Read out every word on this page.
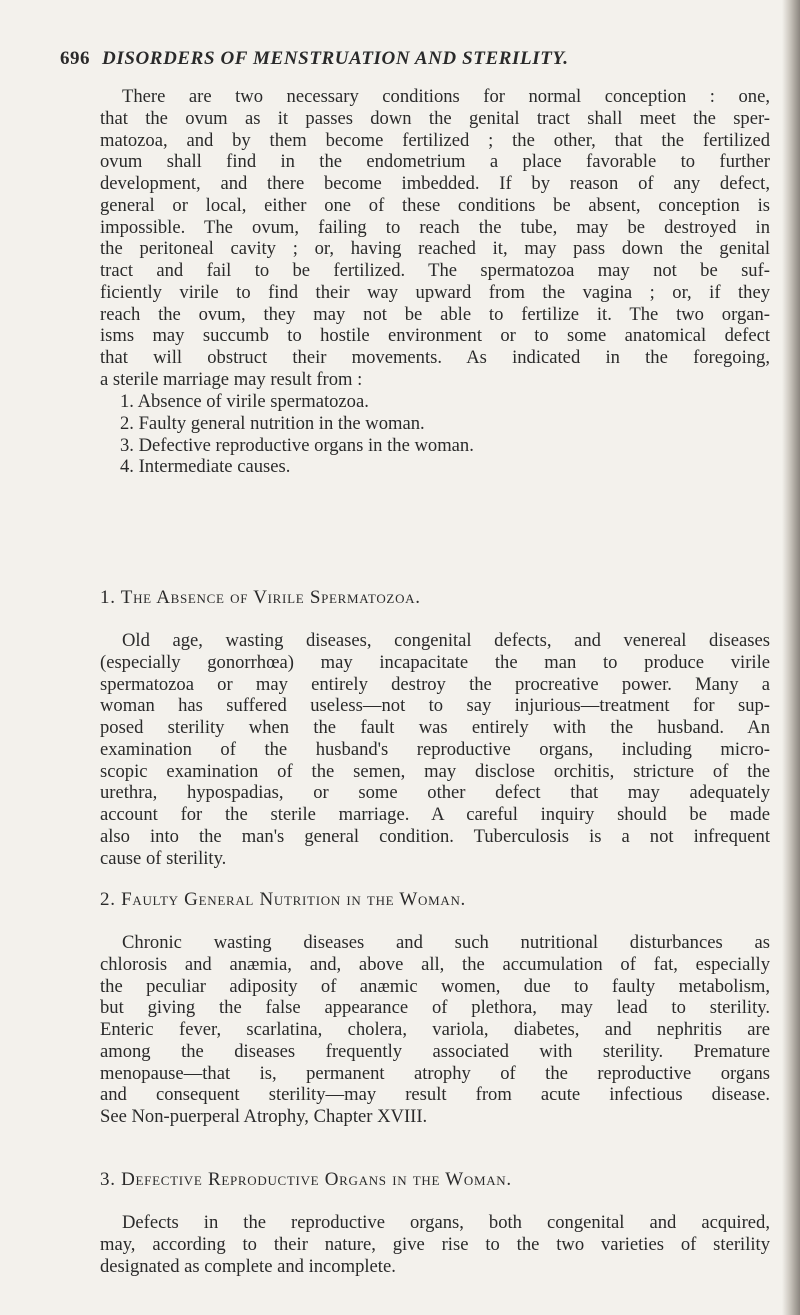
696 DISORDERS OF MENSTRUATION AND STERILITY.
There are two necessary conditions for normal conception : one,
that the ovum as it passes down the genital tract shall meet the sper-
matozoa, and by them become fertilized ; the other, that the fertilized
ovum shall find in the endometrium a place favorable to further
development, and there become imbedded. If by reason of any defect,
general or local, either one of these conditions be absent, conception is
impossible. The ovum, failing to reach the tube, may be destroyed in
the peritoneal cavity ; or, having reached it, may pass down the genital
tract and fail to be fertilized. The spermatozoa may not be suf-
ficiently virile to find their way upward from the vagina ; or, if they
reach the ovum, they may not be able to fertilize it. The two organ-
isms may succumb to hostile environment or to some anatomical defect
that will obstruct their movements. As indicated in the foregoing,
a sterile marriage may result from :
1. Absence of virile spermatozoa.
2. Faulty general nutrition in the woman.
3. Defective reproductive organs in the woman.
4. Intermediate causes.
1. The Absence of Virile Spermatozoa.
Old age, wasting diseases, congenital defects, and venereal diseases
(especially gonorrhœa) may incapacitate the man to produce virile
spermatozoa or may entirely destroy the procreative power. Many a
woman has suffered useless—not to say injurious—treatment for sup-
posed sterility when the fault was entirely with the husband. An
examination of the husband's reproductive organs, including micro-
scopic examination of the semen, may disclose orchitis, stricture of the
urethra, hypospadias, or some other defect that may adequately
account for the sterile marriage. A careful inquiry should be made
also into the man's general condition. Tuberculosis is a not infrequent
cause of sterility.
2. Faulty General Nutrition in the Woman.
Chronic wasting diseases and such nutritional disturbances as
chlorosis and anæmia, and, above all, the accumulation of fat, especially
the peculiar adiposity of anæmic women, due to faulty metabolism,
but giving the false appearance of plethora, may lead to sterility.
Enteric fever, scarlatina, cholera, variola, diabetes, and nephritis are
among the diseases frequently associated with sterility. Premature
menopause—that is, permanent atrophy of the reproductive organs
and consequent sterility—may result from acute infectious disease.
See Non-puerperal Atrophy, Chapter XVIII.
3. Defective Reproductive Organs in the Woman.
Defects in the reproductive organs, both congenital and acquired,
may, according to their nature, give rise to the two varieties of sterility
designated as complete and incomplete.
